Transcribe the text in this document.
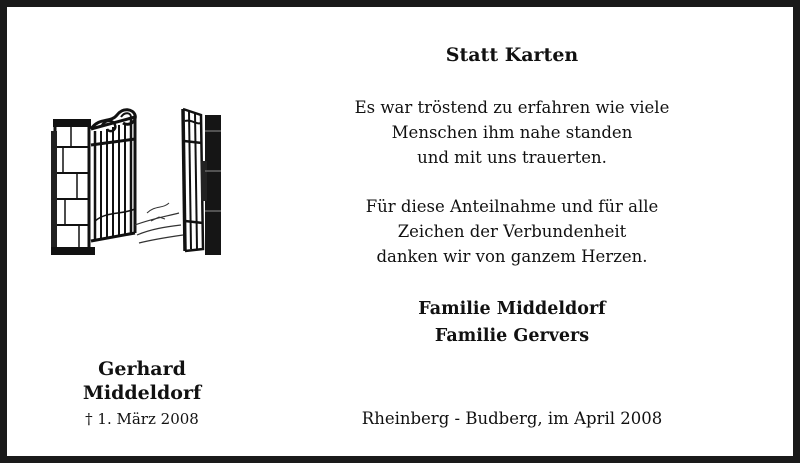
Gerhard
Middeldorf
† 1. März 2008
Statt Karten
Es war tröstend zu erfahren wie viele
Menschen ihm nahe standen
und mit uns trauerten.
Für diese Anteilnahme und für alle
Zeichen der Verbundenheit
danken wir von ganzem Herzen.
Familie Middeldorf
Familie Gervers
Rheinberg - Budberg, im April 2008
